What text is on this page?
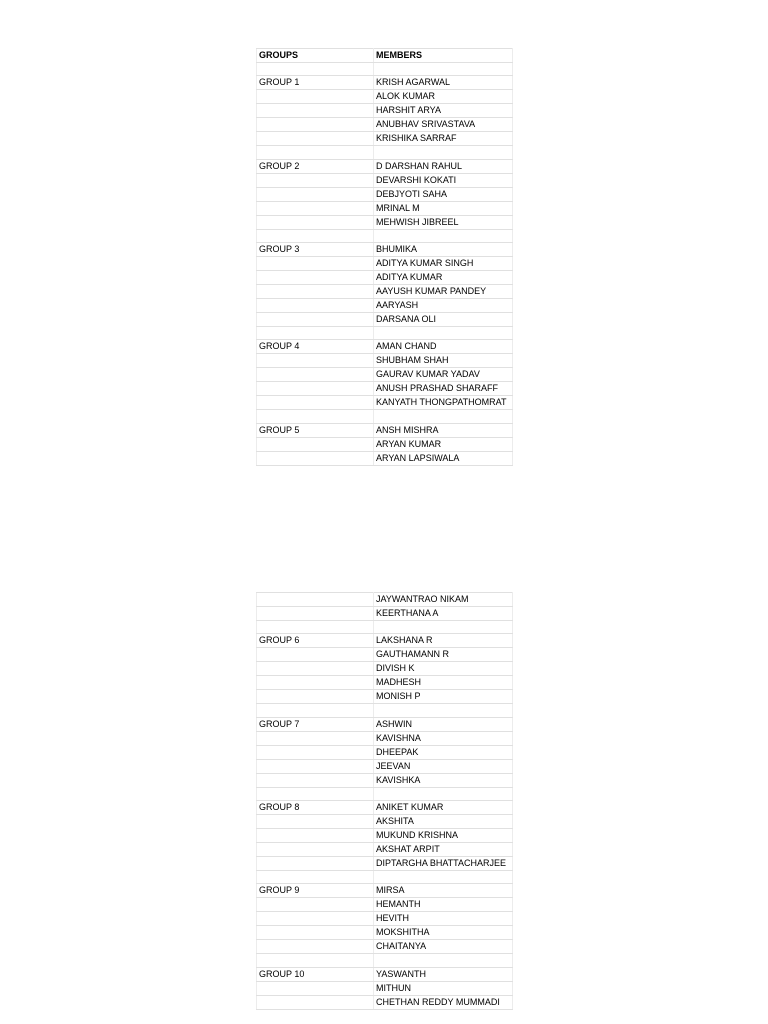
GROUPS	MEMBERS

GROUP 1	KRISH AGARWAL
	ALOK KUMAR
	HARSHIT ARYA
	ANUBHAV SRIVASTAVA
	KRISHIKA SARRAF

GROUP 2	D DARSHAN RAHUL
	DEVARSHI KOKATI
	DEBJYOTI SAHA
	MRINAL M
	MEHWISH JIBREEL

GROUP 3	BHUMIKA
	ADITYA KUMAR SINGH
	ADITYA KUMAR
	AAYUSH KUMAR PANDEY
	AARYASH
	DARSANA OLI

GROUP 4	AMAN CHAND
	SHUBHAM SHAH
	GAURAV KUMAR YADAV
	ANUSH PRASHAD SHARAFF
	KANYATH THONGPATHOMRAT

GROUP 5	ANSH MISHRA
	ARYAN KUMAR
	ARYAN LAPSIWALA
	JAYWANTRAO NIKAM
	KEERTHANA A

GROUP 6	LAKSHANA R
	GAUTHAMANN R
	DIVISH K
	MADHESH
	MONISH P

GROUP 7	ASHWIN
	KAVISHNA
	DHEEPAK
	JEEVAN
	KAVISHKA

GROUP 8	ANIKET KUMAR
	AKSHITA
	MUKUND KRISHNA
	AKSHAT ARPIT
	DIPTARGHA BHATTACHARJEE

GROUP 9	MIRSA
	HEMANTH
	HEVITH
	MOKSHITHA
	CHAITANYA

GROUP 10	YASWANTH
	MITHUN
	CHETHAN REDDY MUMMADI
